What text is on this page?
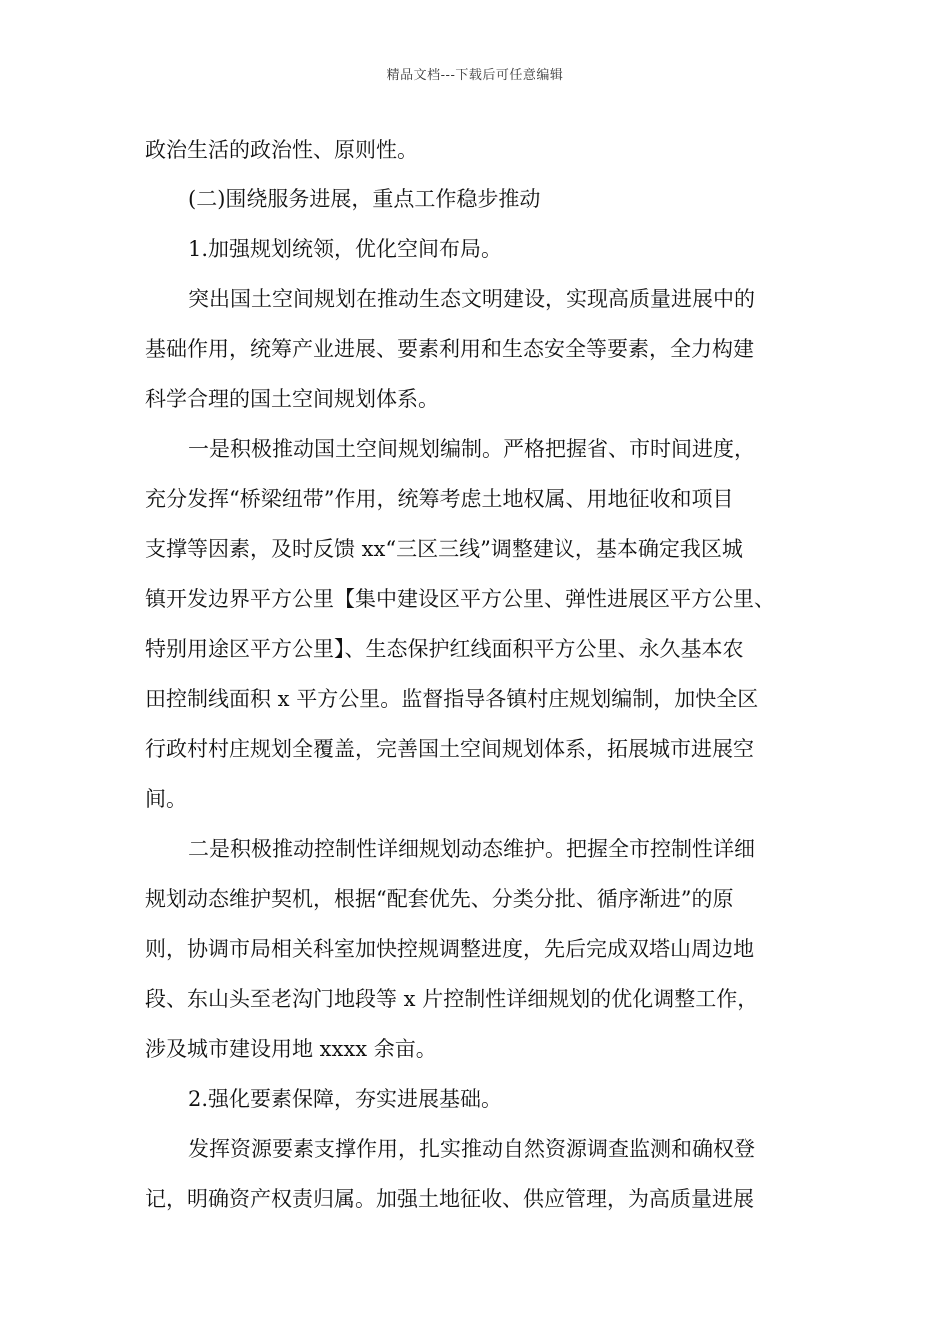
精品文档---下载后可任意编辑
政治生活的政治性、原则性。
(二)围绕服务进展，重点工作稳步推动
1.加强规划统领，优化空间布局。
突出国土空间规划在推动生态文明建设，实现高质量进展中的
基础作用，统筹产业进展、要素利用和生态安全等要素，全力构建
科学合理的国土空间规划体系。
一是积极推动国土空间规划编制。严格把握省、市时间进度，
充分发挥“桥梁纽带”作用，统筹考虑土地权属、用地征收和项目
支撑等因素，及时反馈 xx“三区三线”调整建议，基本确定我区城
镇开发边界平方公里【集中建设区平方公里、弹性进展区平方公里、
特别用途区平方公里】、生态保护红线面积平方公里、永久基本农
田控制线面积 x 平方公里。监督指导各镇村庄规划编制，加快全区
行政村村庄规划全覆盖，完善国土空间规划体系，拓展城市进展空
间。
二是积极推动控制性详细规划动态维护。把握全市控制性详细
规划动态维护契机，根据“配套优先、分类分批、循序渐进”的原
则，协调市局相关科室加快控规调整进度，先后完成双塔山周边地
段、东山头至老沟门地段等 x 片控制性详细规划的优化调整工作，
涉及城市建设用地 xxxx 余亩。
2.强化要素保障，夯实进展基础。
发挥资源要素支撑作用，扎实推动自然资源调查监测和确权登
记，明确资产权责归属。加强土地征收、供应管理，为高质量进展
